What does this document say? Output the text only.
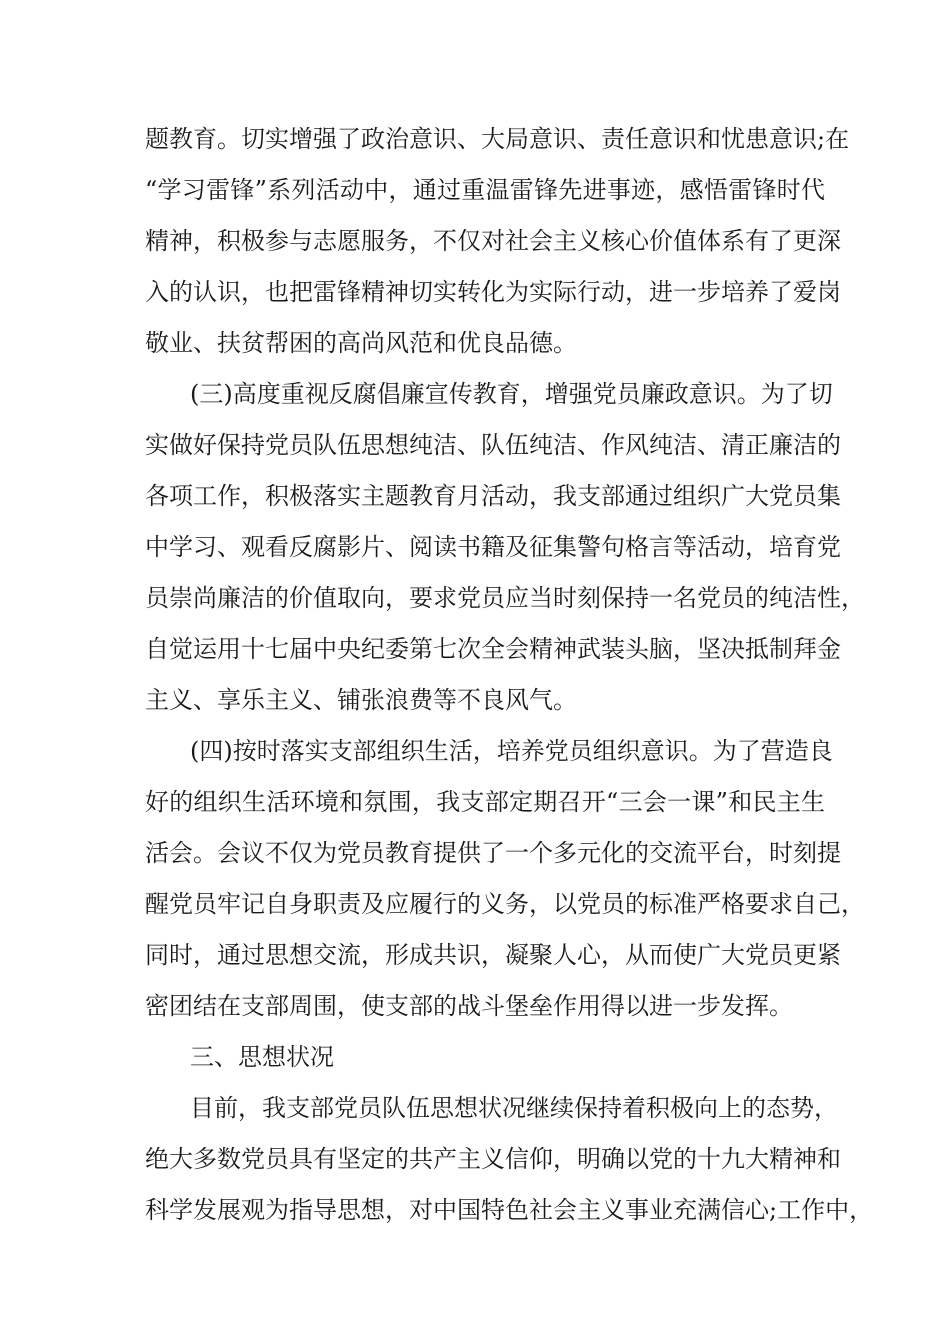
题教育。切实增强了政治意识、大局意识、责任意识和忧患意识;在
“学习雷锋”系列活动中，通过重温雷锋先进事迹，感悟雷锋时代
精神，积极参与志愿服务，不仅对社会主义核心价值体系有了更深
入的认识，也把雷锋精神切实转化为实际行动，进一步培养了爱岗
敬业、扶贫帮困的高尚风范和优良品德。
(三)高度重视反腐倡廉宣传教育，增强党员廉政意识。为了切
实做好保持党员队伍思想纯洁、队伍纯洁、作风纯洁、清正廉洁的
各项工作，积极落实主题教育月活动，我支部通过组织广大党员集
中学习、观看反腐影片、阅读书籍及征集警句格言等活动，培育党
员崇尚廉洁的价值取向，要求党员应当时刻保持一名党员的纯洁性，
自觉运用十七届中央纪委第七次全会精神武装头脑，坚决抵制拜金
主义、享乐主义、铺张浪费等不良风气。
(四)按时落实支部组织生活，培养党员组织意识。为了营造良
好的组织生活环境和氛围，我支部定期召开“三会一课”和民主生
活会。会议不仅为党员教育提供了一个多元化的交流平台，时刻提
醒党员牢记自身职责及应履行的义务，以党员的标准严格要求自己，
同时，通过思想交流，形成共识，凝聚人心，从而使广大党员更紧
密团结在支部周围，使支部的战斗堡垒作用得以进一步发挥。
三、思想状况
目前，我支部党员队伍思想状况继续保持着积极向上的态势，
绝大多数党员具有坚定的共产主义信仰，明确以党的十九大精神和
科学发展观为指导思想，对中国特色社会主义事业充满信心;工作中，
